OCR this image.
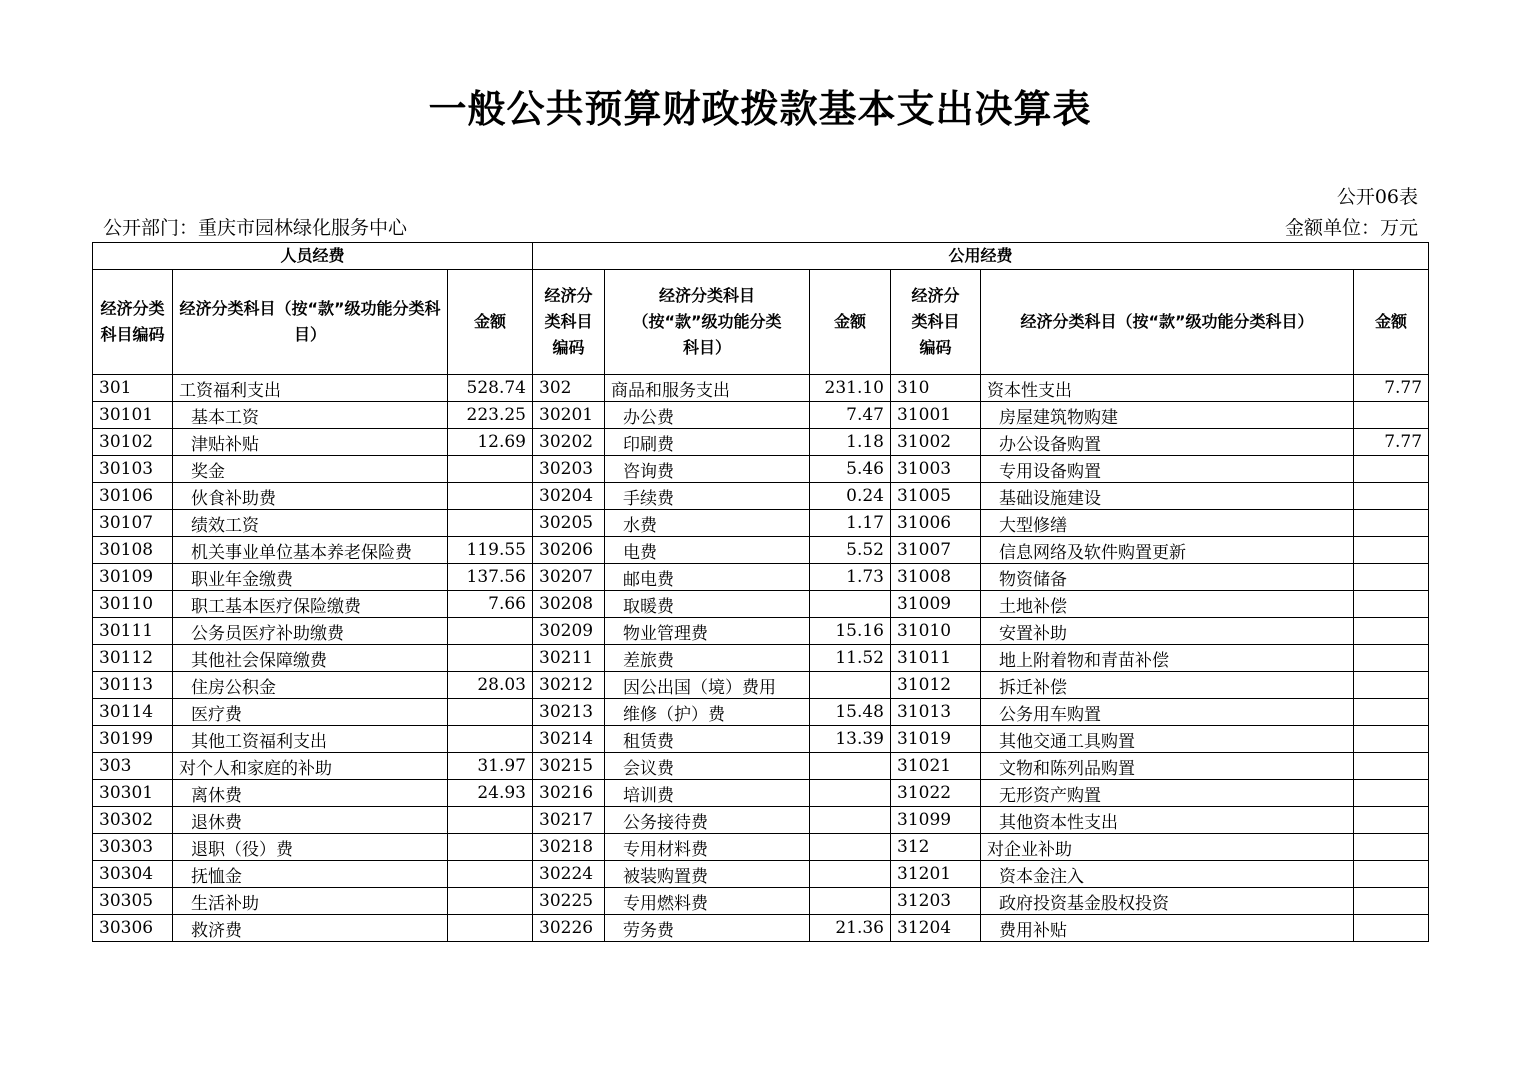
一般公共预算财政拨款基本支出决算表
公开06表
公开部门：重庆市园林绿化服务中心	金额单位：万元
人员经费			公用经费					
经济分类科目编码	经济分类科目（按“款”级功能分类科目）	金额	经济分类科目编码	经济分类科目（按“款”级功能分类科目）	金额	经济分类科目编码	经济分类科目（按“款”级功能分类科目）	金额
301	工资福利支出	528.74	302	商品和服务支出	231.10	310	资本性支出	7.77
30101	基本工资	223.25	30201	办公费	7.47	31001	房屋建筑物购建	
30102	津贴补贴	12.69	30202	印刷费	1.18	31002	办公设备购置	7.77
30103	奖金		30203	咨询费	5.46	31003	专用设备购置	
30106	伙食补助费		30204	手续费	0.24	31005	基础设施建设	
30107	绩效工资		30205	水费	1.17	31006	大型修缮	
30108	机关事业单位基本养老保险费	119.55	30206	电费	5.52	31007	信息网络及软件购置更新	
30109	职业年金缴费	137.56	30207	邮电费	1.73	31008	物资储备	
30110	职工基本医疗保险缴费	7.66	30208	取暖费		31009	土地补偿	
30111	公务员医疗补助缴费		30209	物业管理费	15.16	31010	安置补助	
30112	其他社会保障缴费		30211	差旅费	11.52	31011	地上附着物和青苗补偿	
30113	住房公积金	28.03	30212	因公出国（境）费用		31012	拆迁补偿	
30114	医疗费		30213	维修（护）费	15.48	31013	公务用车购置	
30199	其他工资福利支出		30214	租赁费	13.39	31019	其他交通工具购置	
303	对个人和家庭的补助	31.97	30215	会议费		31021	文物和陈列品购置	
30301	离休费	24.93	30216	培训费		31022	无形资产购置	
30302	退休费		30217	公务接待费		31099	其他资本性支出	
30303	退职（役）费		30218	专用材料费		312	对企业补助	
30304	抚恤金		30224	被装购置费		31201	资本金注入	
30305	生活补助		30225	专用燃料费		31203	政府投资基金股权投资	
30306	救济费		30226	劳务费	21.36	31204	费用补贴	
